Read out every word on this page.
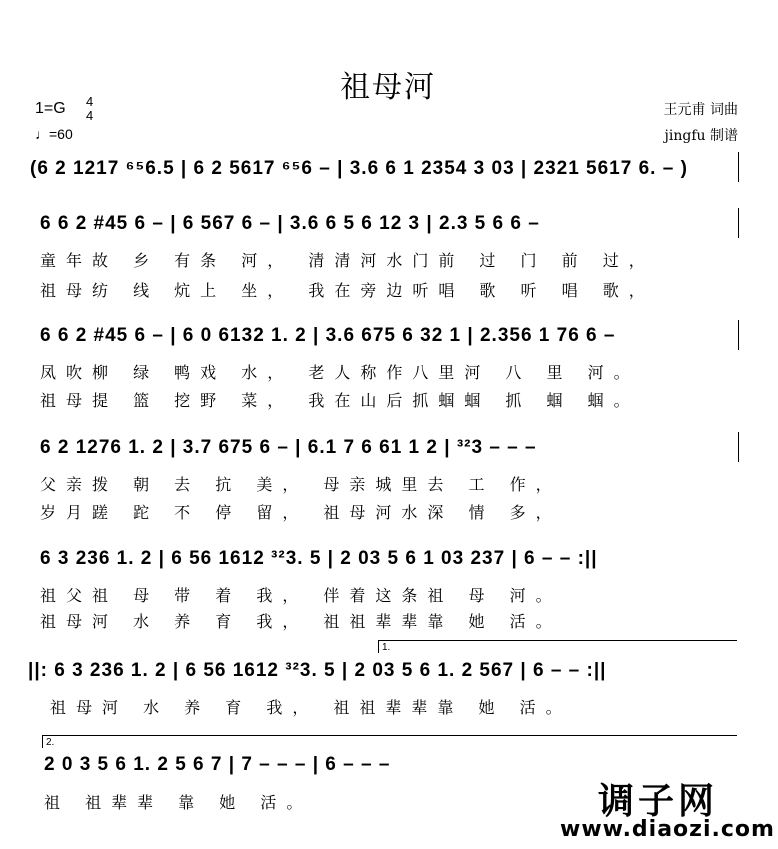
祖母河
1=G 4
4
♩=60
王元甫 词曲
jingfu 制谱
(6 2 1217 ⁶⁵6.5 | 6 2 5617 ⁶⁵6 – | 3.6 6 1 2354 3 03 | 2321 5617 6. – )
6 6 2 #45 6 – | 6 567 6 – | 3.6 6 5 6 12 3 | 2.3 5 6 6 –
童年故 乡 有条 河， 清清河水门前 过 门 前 过，
祖母纺 线 炕上 坐， 我在旁边听唱 歌 听 唱 歌，
6 6 2 #45 6 – | 6 0 6132 1. 2 | 3.6 675 6 32 1 | 2.356 1 76 6 –
凤吹柳 绿 鸭戏 水， 老人称作八里河 八 里 河。
祖母提 篮 挖野 菜， 我在山后抓蝈蝈 抓 蝈 蝈。
6 2 1276 1. 2 | 3.7 675 6 – | 6.1 7 6 61 1 2 | ³²3 – – –
父亲拨 朝 去 抗 美， 母亲城里去 工 作，
岁月蹉 跎 不 停 留， 祖母河水深 情 多，
6 3 236 1. 2 | 6 56 1612 ³²3. 5 | 2 03 5 6 1 03 237 | 6 – – :||
祖父祖 母 带 着 我， 伴着这条祖 母 河。
祖母河 水 养 育 我， 祖祖辈辈靠 她 活。
1.
||: 6 3 236 1. 2 | 6 56 1612 ³²3. 5 | 2 03 5 6 1. 2 567 | 6 – – :||
祖母河 水 养 育 我， 祖祖辈辈靠 她 活。
2.
2 0 3 5 6 1. 2 5 6 7 | 7 – – – | 6 – – –
祖 祖辈辈 靠 她 活。	调子网
www.diaozi.com
